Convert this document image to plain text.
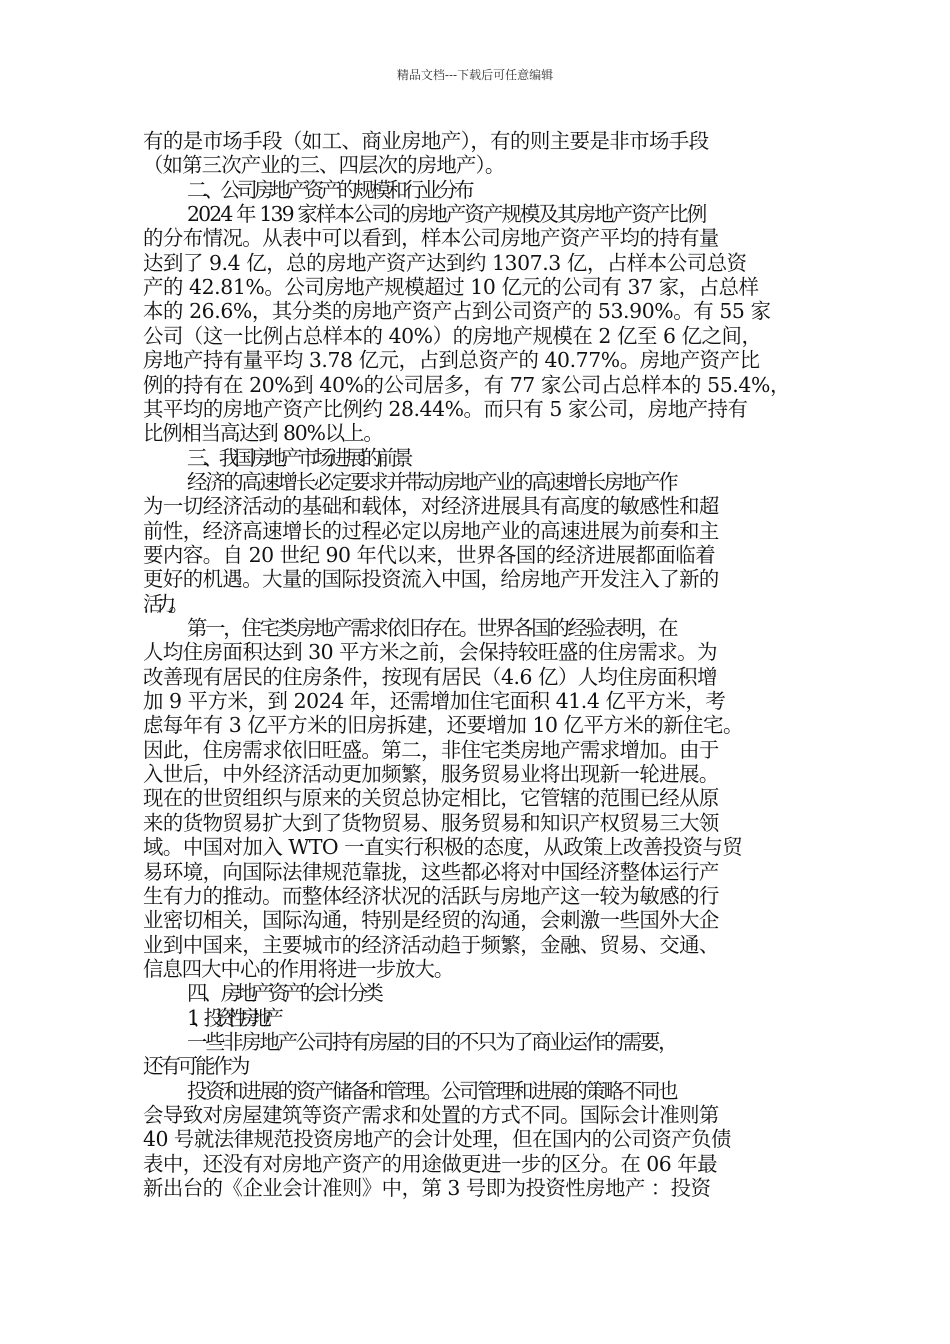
精品文档---下载后可任意编辑
有的是市场手段（如工、商业房地产），有的则主要是非市场手段
（如第三次产业的三、四层次的房地产）。
二、公司房地产资产的规模和行业分布
2024 年 139 家样本公司的房地产资产规模及其房地产资产比例
的分布情况。从表中可以看到，样本公司房地产资产平均的持有量
达到了 9.4 亿，总的房地产资产达到约 1307.3 亿，占样本公司总资
产的 42.81%。公司房地产规模超过 10 亿元的公司有 37 家，占总样
本的 26.6%，其分类的房地产资产占到公司资产的 53.90%。有 55 家
公司（这一比例占总样本的 40%）的房地产规模在 2 亿至 6 亿之间，
房地产持有量平均 3.78 亿元，占到总资产的 40.77%。房地产资产比
例的持有在 20%到 40%的公司居多，有 77 家公司占总样本的 55.4%，
其平均的房地产资产比例约 28.44%。而只有 5 家公司，房地产持有
比例相当高达到 80%以上。
三、我国房地产市场进展的前景
经济的高速增长必定要求并带动房地产业的高速增长房地产作
为一切经济活动的基础和载体，对经济进展具有高度的敏感性和超
前性，经济高速增长的过程必定以房地产业的高速进展为前奏和主
要内容。自 20 世纪 90 年代以来，世界各国的经济进展都面临着
更好的机遇。大量的国际投资流入中国，给房地产开发注入了新的
活力。
第一，住宅类房地产需求依旧存在。世界各国的经验表明，在
人均住房面积达到 30 平方米之前，会保持较旺盛的住房需求。为
改善现有居民的住房条件，按现有居民（4.6 亿）人均住房面积增
加 9 平方米，到 2024 年，还需增加住宅面积 41.4 亿平方米，考
虑每年有 3 亿平方米的旧房拆建，还要增加 10 亿平方米的新住宅。
因此，住房需求依旧旺盛。第二，非住宅类房地产需求增加。由于
入世后，中外经济活动更加频繁，服务贸易业将出现新一轮进展。
现在的世贸组织与原来的关贸总协定相比，它管辖的范围已经从原
来的货物贸易扩大到了货物贸易、服务贸易和知识产权贸易三大领
域。中国对加入 WTO 一直实行积极的态度，从政策上改善投资与贸
易环境，向国际法律规范靠拢，这些都必将对中国经济整体运行产
生有力的推动。而整体经济状况的活跃与房地产这一较为敏感的行
业密切相关，国际沟通，特别是经贸的沟通，会刺激一些国外大企
业到中国来，主要城市的经济活动趋于频繁，金融、贸易、交通、
信息四大中心的作用将进一步放大。
四、 房地产资产的会计分类
1、投资性房地产
一些非房地产公司持有房屋的目的不只为了商业运作的需要，
还有可能作为
投资和进展的资产储备和管理。公司管理和进展的策略不同也
会导致对房屋建筑等资产需求和处置的方式不同。国际会计准则第
40 号就法律规范投资房地产的会计处理，但在国内的公司资产负债
表中，还没有对房地产资产的用途做更进一步的区分。在 06 年最
新出台的《企业会计准则》中，第 3 号即为投资性房地产 ：投资
